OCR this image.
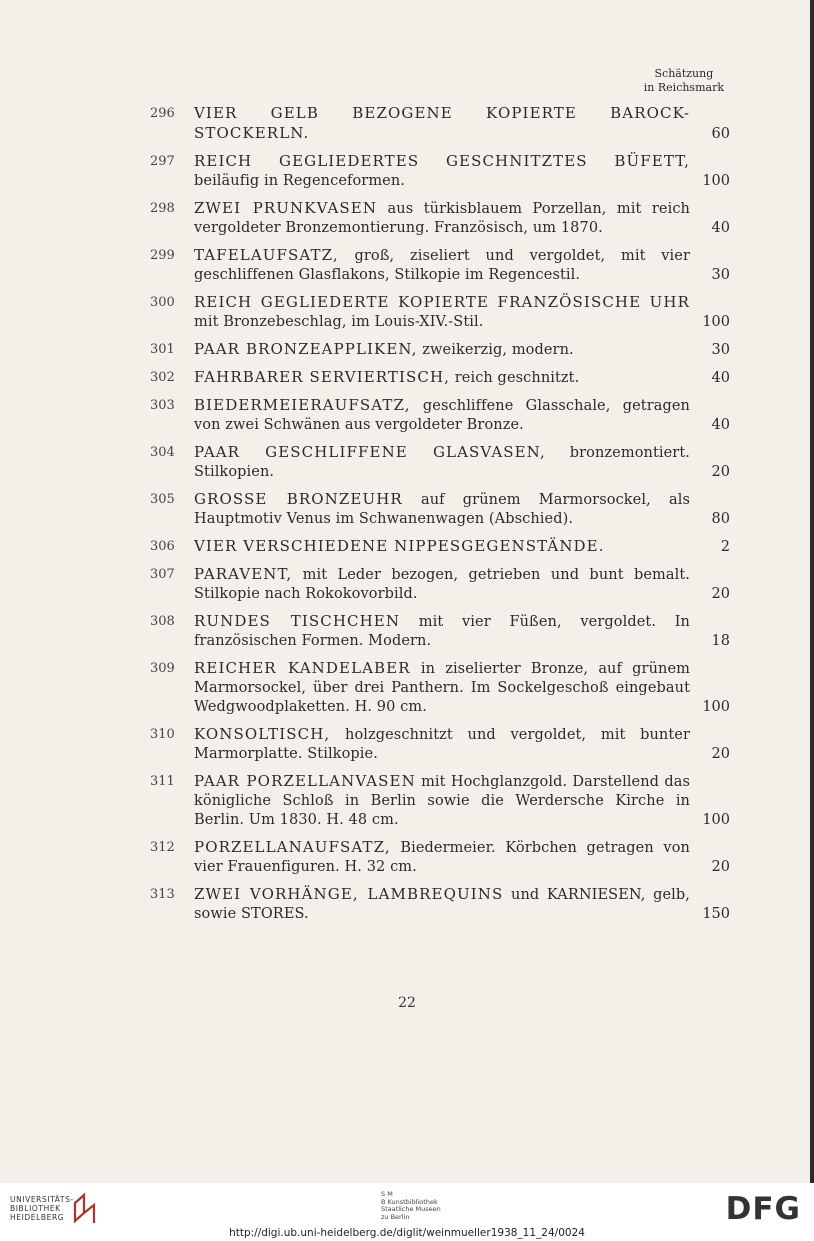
Schätzung
in Reichsmark
296	VIER GELB BEZOGENE KOPIERTE BAROCK-STOCKERLN.	60
297	REICH GEGLIEDERTES GESCHNITZTES BÜFETT, beiläufig in Regenceformen.	100
298	ZWEI PRUNKVASEN aus türkisblauem Porzellan, mit reich vergoldeter Bronzemontierung. Französisch, um 1870.	40
299	TAFELAUFSATZ, groß, ziseliert und vergoldet, mit vier geschliffenen Glasflakons, Stilkopie im Regencestil.	30
300	REICH GEGLIEDERTE KOPIERTE FRANZÖSISCHE UHR mit Bronzebeschlag, im Louis-XIV.-Stil.	100
301	PAAR BRONZEAPPLIKEN, zweikerzig, modern.	30
302	FAHRBARER SERVIERTISCH, reich geschnitzt.	40
303	BIEDERMEIERAUFSATZ, geschliffene Glasschale, getragen von zwei Schwänen aus vergoldeter Bronze.	40
304	PAAR GESCHLIFFENE GLASVASEN, bronzemontiert. Stilkopien.	20
305	GROSSE BRONZEUHR auf grünem Marmorsockel, als Hauptmotiv Venus im Schwanenwagen (Abschied).	80
306	VIER VERSCHIEDENE NIPPESGEGENSTÄNDE.	2
307	PARAVENT, mit Leder bezogen, getrieben und bunt bemalt. Stilkopie nach Rokokovorbild.	20
308	RUNDES TISCHCHEN mit vier Füßen, vergoldet. In französischen Formen. Modern.	18
309	REICHER KANDELABER in ziselierter Bronze, auf grünem Marmorsockel, über drei Panthern. Im Sockelgeschoß eingebaut Wedgwoodplaketten. H. 90 cm.	100
310	KONSOLTISCH, holzgeschnitzt und vergoldet, mit bunter Marmorplatte. Stilkopie.	20
311	PAAR PORZELLANVASEN mit Hochglanzgold. Darstellend das königliche Schloß in Berlin sowie die Werdersche Kirche in Berlin. Um 1830. H. 48 cm.	100
312	PORZELLANAUFSATZ, Biedermeier. Körbchen getragen von vier Frauenfiguren. H. 32 cm.	20
313	ZWEI VORHÄNGE, LAMBREQUINS und KARNIESEN, gelb, sowie STORES.	150
22
UNIVERSITÄTS-
BIBLIOTHEK
HEIDELBERG
S M
B Kunstbibliothek
Staatliche Museen
zu Berlin	DFG
http://digi.ub.uni-heidelberg.de/diglit/weinmueller1938_11_24/0024
